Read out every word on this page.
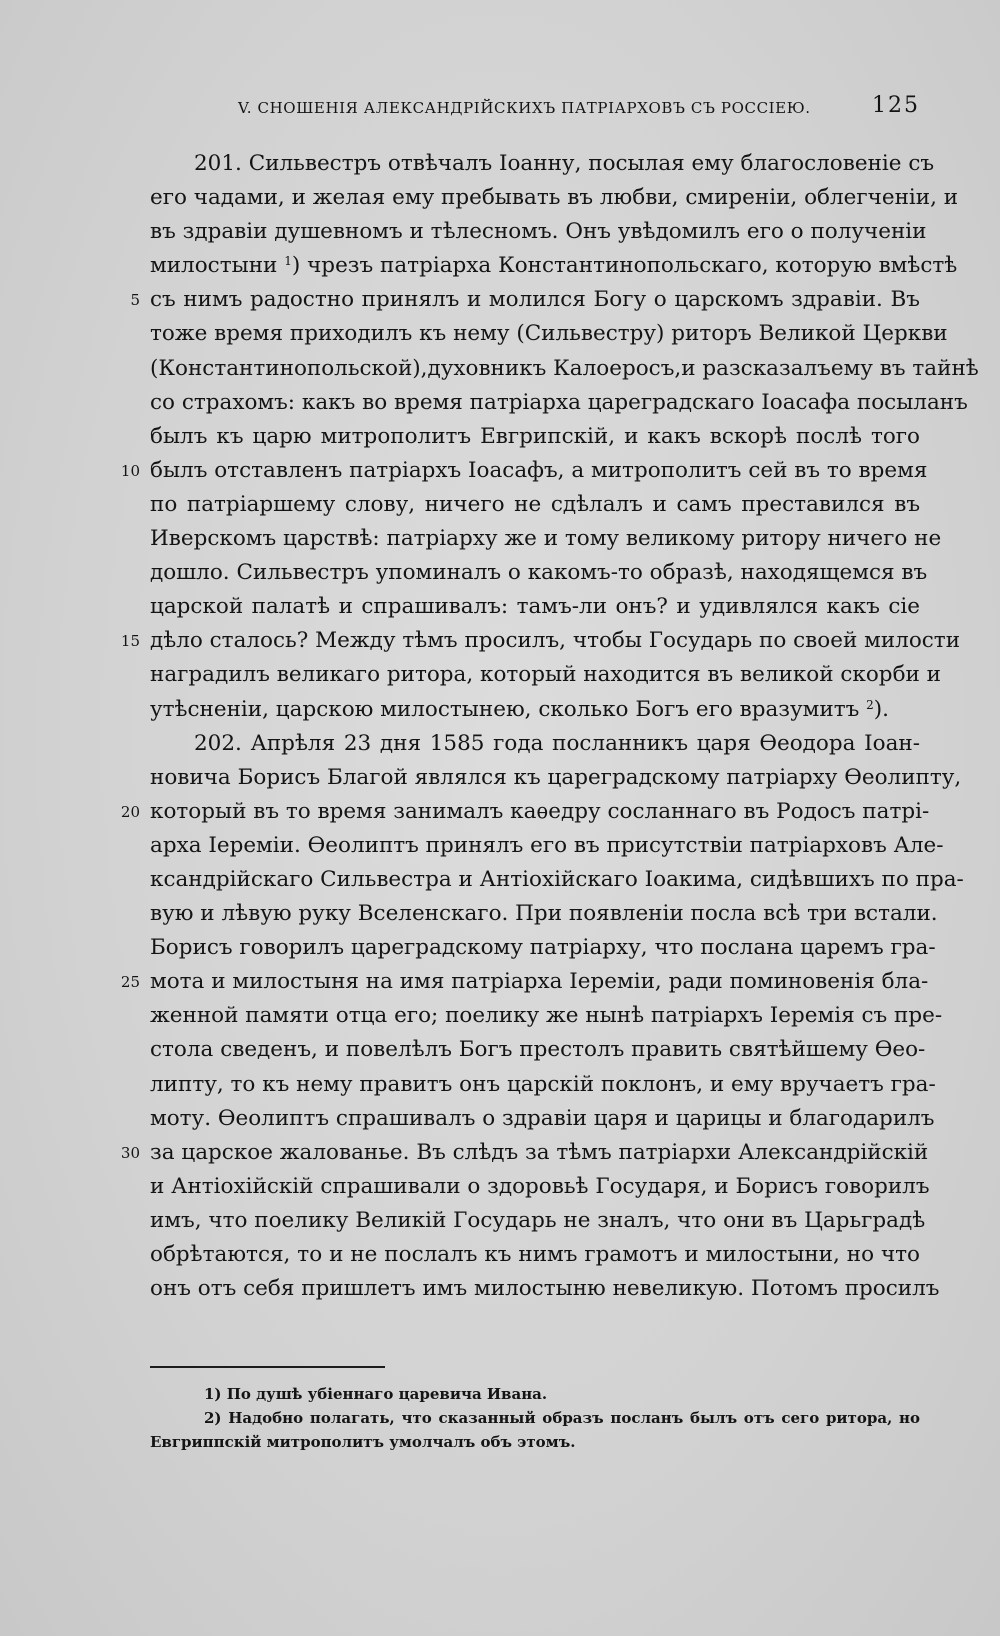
V. СНОШЕНІЯ АЛЕКСАНДРІЙСКИХЪ ПАТРІАРХОВЪ СЪ РОССІЕЮ.	125
201. Сильвестръ отвѣчалъ Іоанну, посылая ему благословеніе съ
его чадами, и желая ему пребывать въ любви, смиреніи, облегченіи, и
въ здравіи душевномъ и тѣлесномъ. Онъ увѣдомилъ его о полученіи
милостыни $^1$) чрезъ патріарха Константинопольскаго, которую вмѣстѣ
5 съ нимъ радостно принялъ и молился Богу о царскомъ здравіи. Въ
тоже время приходилъ къ нему (Сильвестру) риторъ Великой Церкви
(Константинопольской),духовникъ Калоеросъ,и разсказалъему въ тайнѣ
со страхомъ: какъ во время патріарха цареградскаго Іоасафа посыланъ
былъ къ царю митрополитъ Евгрипскій, и какъ вскорѣ послѣ того
10 былъ отставленъ патріархъ Іоасафъ, а митрополитъ сей въ то время
по патріаршему слову, ничего не сдѣлалъ и самъ преставился въ
Иверскомъ царствѣ: патріарху же и тому великому ритору ничего не
дошло. Сильвестръ упоминалъ о какомъ-то образѣ, находящемся въ
царской палатѣ и спрашивалъ: тамъ-ли онъ? и удивлялся какъ сіе
15 дѣло сталось? Между тѣмъ просилъ, чтобы Государь по своей милости
наградилъ великаго ритора, который находится въ великой скорби и
утѣсненіи, царскою милостынею, сколько Богъ его вразумитъ $^2$).
202. Апрѣля 23 дня 1585 года посланникъ царя Ѳеодора Іоан-
новича Борисъ Благой являлся къ цареградскому патріарху Ѳеолипту,
20 который въ то время занималъ каѳедру сосланнаго въ Родосъ патрі-
арха Іереміи. Ѳеолиптъ принялъ его въ присутствіи патріарховъ Але-
ксандрійскаго Сильвестра и Антіохійскаго Іоакима, сидѣвшихъ по пра-
вую и лѣвую руку Вселенскаго. При появленіи посла всѣ три встали.
Борисъ говорилъ цареградскому патріарху, что послана царемъ гра-
25 мота и милостыня на имя патріарха Іереміи, ради поминовенія бла-
женной памяти отца его; поелику же нынѣ патріархъ Іеремія съ пре-
стола сведенъ, и повелѣлъ Богъ престолъ править святѣйшему Ѳео-
липту, то къ нему правитъ онъ царскій поклонъ, и ему вручаетъ гра-
моту. Ѳеолиптъ спрашивалъ о здравіи царя и царицы и благодарилъ
30 за царское жалованье. Въ слѣдъ за тѣмъ патріархи Александрійскій
и Антіохійскій спрашивали о здоровьѣ Государя, и Борисъ говорилъ
имъ, что поелику Великій Государь не зналъ, что они въ Царьградѣ
обрѣтаются, то и не послалъ къ нимъ грамотъ и милостыни, но что
онъ отъ себя пришлетъ имъ милостыню невеликую. Потомъ просилъ
1) По душѣ убіеннаго царевича Ивана.
2) Надобно полагать, что сказанный образъ посланъ былъ отъ сего ритора, но
Евгриппскій митрополитъ умолчалъ объ этомъ.
